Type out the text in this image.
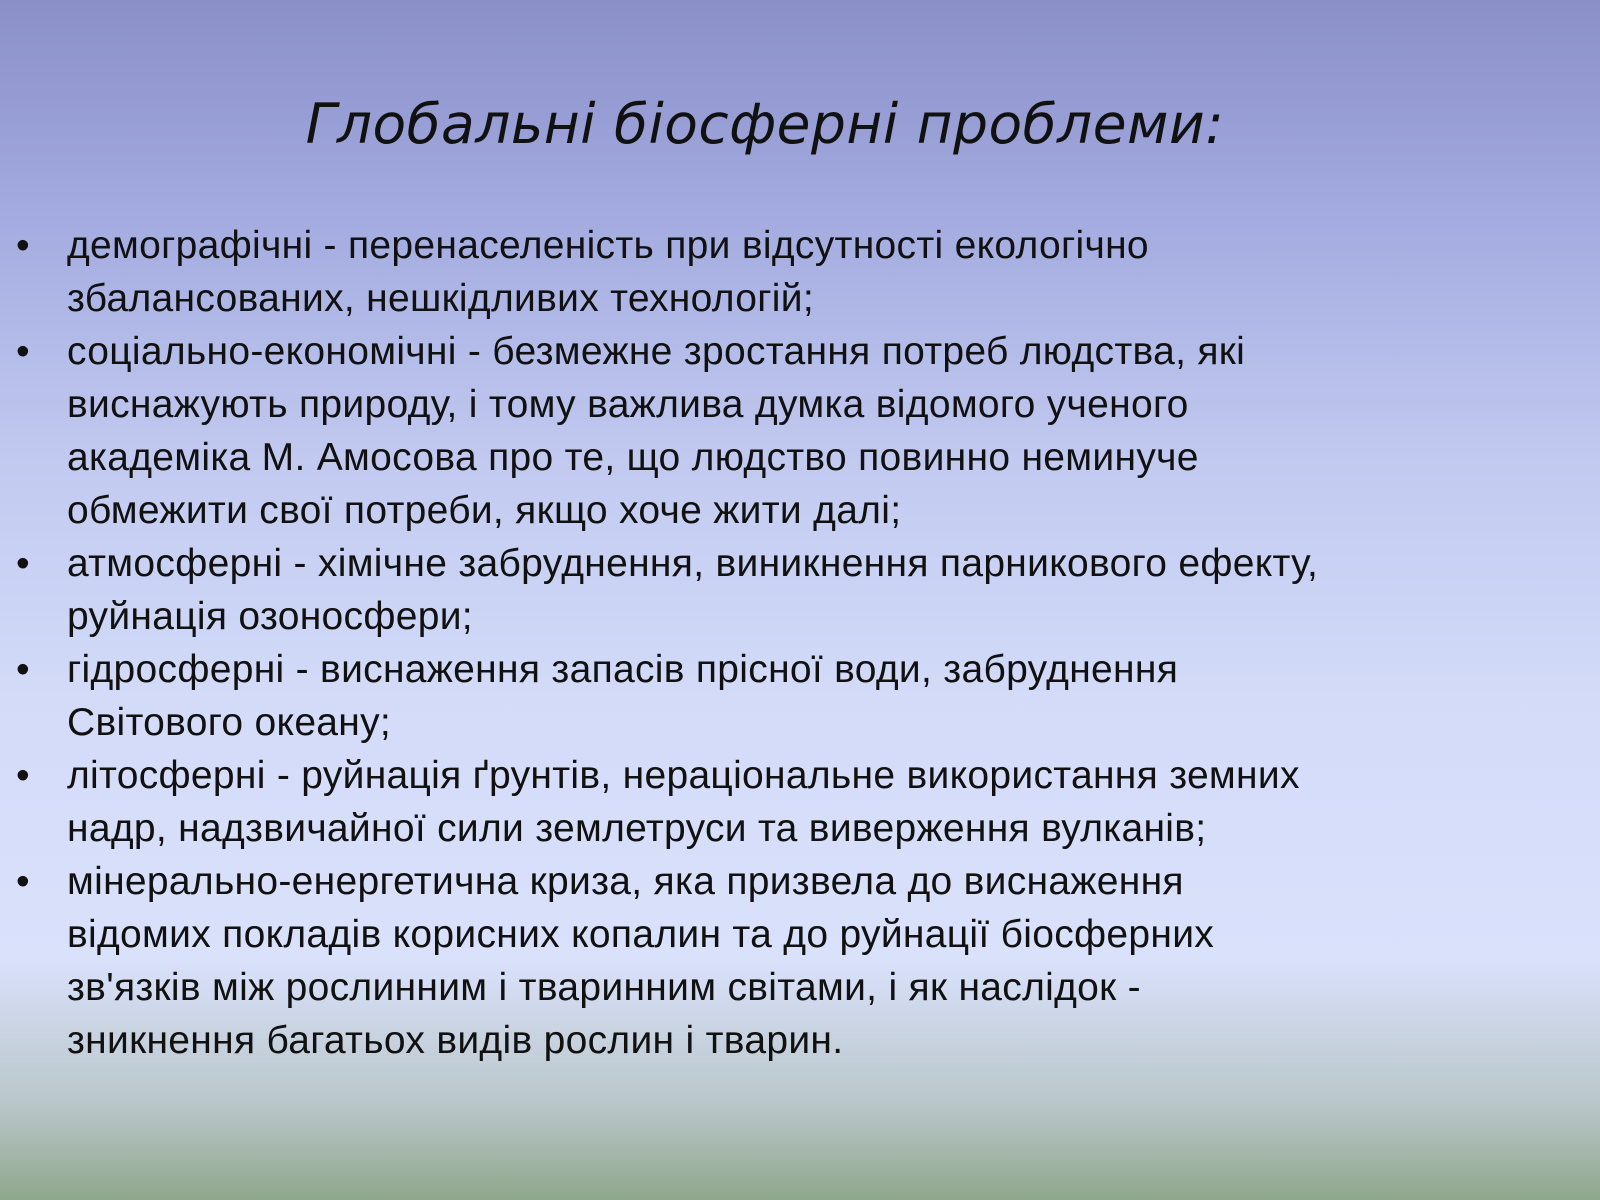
Глобальні біосферні проблеми:
• демографічні - перенаселеність при відсутності екологічно
збалансованих, нешкідливих технологій;
• соціально-економічні - безмежне зростання потреб людства, які
виснажують природу, і тому важлива думка відомого ученого
академіка М. Амосова про те, що людство повинно неминуче
обмежити свої потреби, якщо хоче жити далі;
• атмосферні - хімічне забруднення, виникнення парникового ефекту,
руйнація озоносфери;
• гідросферні - виснаження запасів прісної води, забруднення
Світового океану;
• літосферні - руйнація ґрунтів, нераціональне використання земних
надр, надзвичайної сили землетруси та виверження вулканів;
• мінерально-енергетична криза, яка призвела до виснаження
відомих покладів корисних копалин та до руйнації біосферних
зв'язків між рослинним і тваринним світами, і як наслідок -
зникнення багатьох видів рослин і тварин.
